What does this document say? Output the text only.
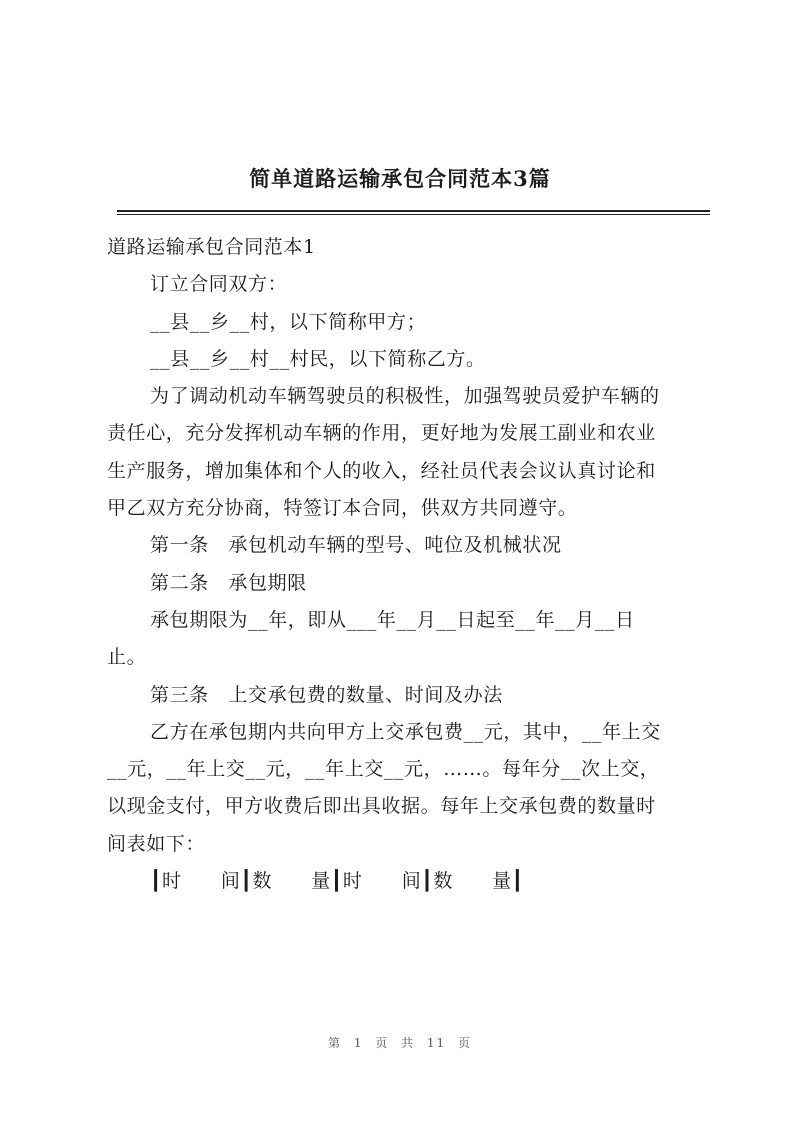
简单道路运输承包合同范本3篇
道路运输承包合同范本1
订立合同双方：
__县__乡__村，以下简称甲方；
__县__乡__村__村民，以下简称乙方。
为了调动机动车辆驾驶员的积极性，加强驾驶员爱护车辆的
责任心，充分发挥机动车辆的作用，更好地为发展工副业和农业
生产服务，增加集体和个人的收入，经社员代表会议认真讨论和
甲乙双方充分协商，特签订本合同，供双方共同遵守。
第一条　承包机动车辆的型号、吨位及机械状况
第二条　承包期限
承包期限为__年，即从___年__月__日起至__年__月__日
止。
第三条　上交承包费的数量、时间及办法
乙方在承包期内共向甲方上交承包费__元，其中，__年上交
__元，__年上交__元，__年上交__元，……。每年分__次上交，
以现金支付，甲方收费后即出具收据。每年上交承包费的数量时
间表如下：
┃时　　间┃数　　量┃时　　间┃数　　量┃
第 1 页 共 11 页
